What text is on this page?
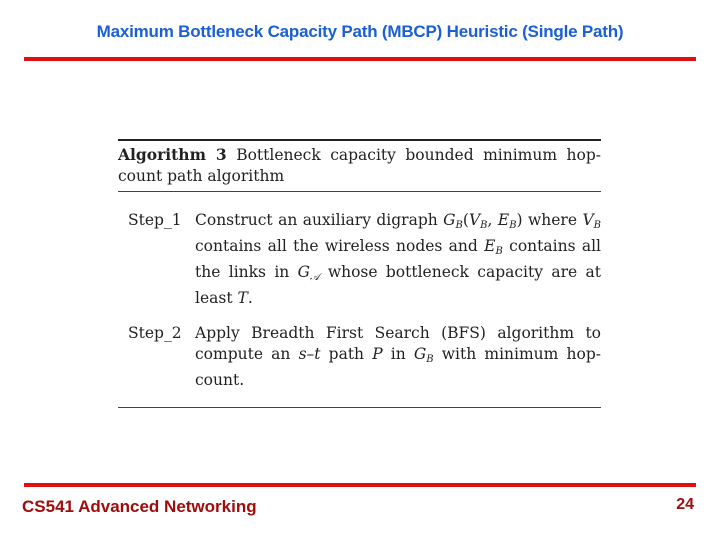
Maximum Bottleneck Capacity Path (MBCP) Heuristic (Single Path)
Algorithm 3 Bottleneck capacity bounded minimum hop-count path algorithm
Step_1 Construct an auxiliary digraph $G_B(V_B$, $E_B$) where $V_B$ contains all the wireless nodes and $E_B$ contains all the links in $G_𝒜$ whose bottleneck capacity are at least T.
Step_2 Apply Breadth First Search (BFS) algorithm to compute an s–t path P in $G_B$ with minimum hop-count.
CS541 Advanced Networking	24
